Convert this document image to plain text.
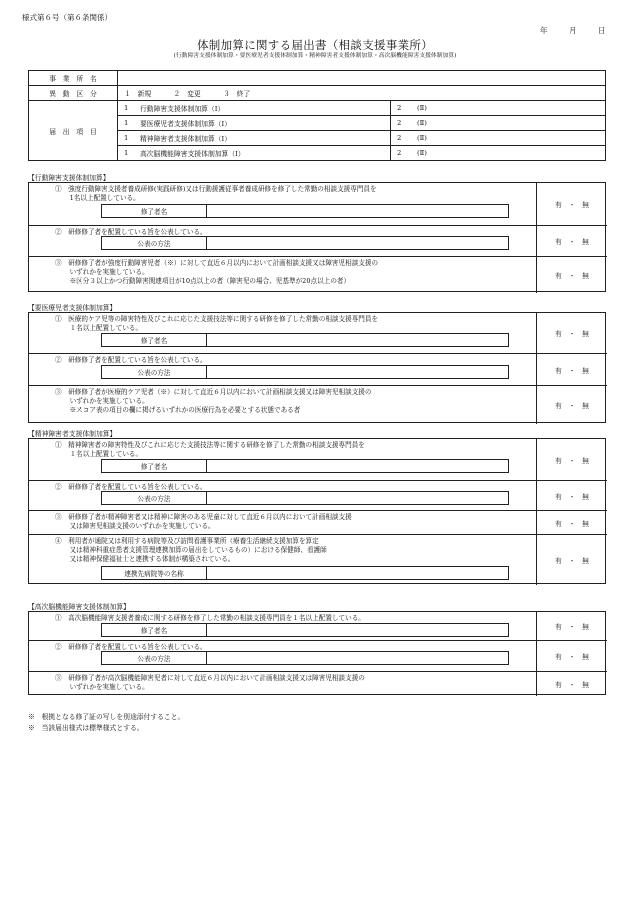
様式第６号（第６条関係）
年	月	日
体制加算に関する届出書（相談支援事業所）
(行動障害支援体制加算・要医療児者支援体制加算・精神障害者支援体制加算・高次脳機能障害支援体制加算)
事　業　所　名				
異　動　区　分	１　新規 ２　変更 ３　終了			
届　出　項　目	1	行動障害支援体制加算（Ⅰ）	2	(Ⅱ)
	1	要医療児者支援体制加算（Ⅰ）	2	(Ⅱ)
	1	精神障害者支援体制加算（Ⅰ）	2	(Ⅱ)
	1	高次脳機能障害支援体制加算（Ⅰ）	2	(Ⅱ)
【行動障害支援体制加算】
①　強度行動障害支援者養成研修(実践研修)又は行動援護従事者養成研修を修了した常勤の相談支援専門員を
　1名以上配置している。
修了者名
有　・　無
②　研修修了者を配置している旨を公表している。
公表の方法	有　・　無
③　研修修了者が強度行動障害児者（※）に対して直近６月以内において計画相談支援又は障害児相談支援の
　いずれかを実施している。
　※区分３以上かつ行動障害関連項目が10点以上の者（障害児の場合、児基準が20点以上の者）
有　・　無
【要医療児者支援体制加算】
①　医療的ケア児等の障害特性及びこれに応じた支援技法等に関する研修を修了した常勤の相談支援専門員を
　１名以上配置している。
修了者名
有　・　無
②　研修修了者を配置している旨を公表している。
公表の方法	有　・　無
③　研修修了者が医療的ケア児者（※）に対して直近６月以内において計画相談支援又は障害児相談支援の
　いずれかを実施している。
　※スコア表の項目の欄に掲げるいずれかの医療行為を必要とする状態である者	有　・　無
【精神障害者支援体制加算】
①　精神障害者の障害特性及びこれに応じた支援技法等に関する研修を修了した常勤の相談支援専門員を
　１名以上配置している。
修了者名
有　・　無
②　研修修了者を配置している旨を公表している。
公表の方法	有　・　無
③　研修修了者が精神障害者又は精神に障害のある児童に対して直近６月以内において計画相談支援
　又は障害児相談支援のいずれかを実施している。	有　・　無
④　利用者が通院又は利用する病院等及び訪問看護事業所（療養生活継続支援加算を算定
　又は精神科重症患者支援管理連携加算の届出をしているもの）における保健師、看護師
　又は精神保健福祉士と連携する体制が構築されている。
連携先病院等の名称
有　・　無
【高次脳機能障害支援体制加算】
①　高次脳機能障害支援者養成に関する研修を修了した常勤の相談支援専門員を１名以上配置している。
修了者名	有　・　無
②　研修修了者を配置している旨を公表している。
公表の方法	有　・　無
③　研修修了者が高次脳機能障害児者に対して直近６月以内において計画相談支援又は障害児相談支援の
　いずれかを実施している。	有　・　無
※　根拠となる修了証の写しを別途添付すること。
※　当該届出様式は標準様式とする。
